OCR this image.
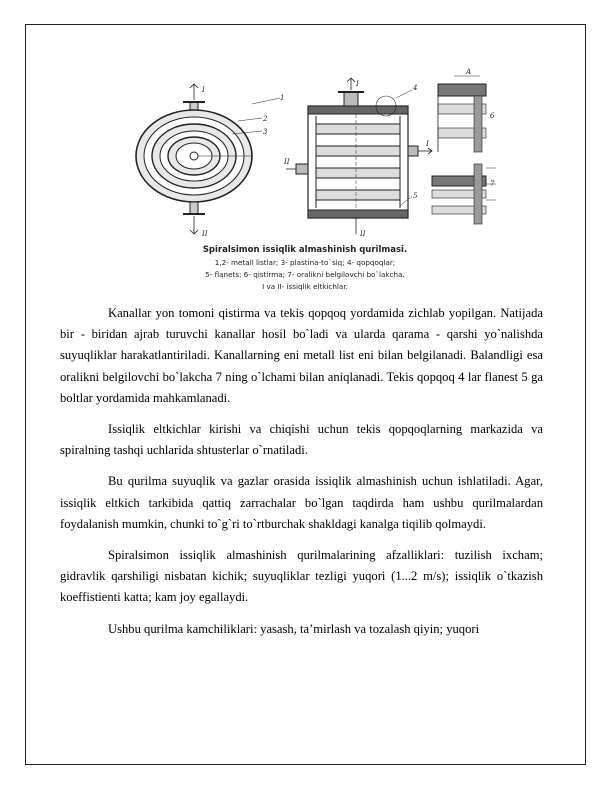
I
II
1
2
3
I
II
II
I
4
5
A
6
7
Spiralsimon issiqlik almashinish qurilmasi.
1,2- metall listlar; 3- plastina-to`siq; 4- qopqoqlar;
5- flanets; 6- qistirma; 7- oralikni belgilovchi bo`lakcha.
I va II- issiqlik eltkichlar.

Kanallar yon tomoni qistirma va tekis qopqoq yordamida zichlab yopilgan. Natijada bir - biridan ajrab turuvchi kanallar hosil bo`ladi va ularda qarama - qarshi yo`nalishda suyuqliklar harakatlantiriladi. Kanallarning eni metall list eni bilan belgilanadi. Balandligi esa oralikni belgilovchi bo`lakcha 7 ning o`lchami bilan aniqlanadi. Tekis qopqoq 4 lar flanest 5 ga boltlar yordamida mahkamlanadi.

Issiqlik eltkichlar kirishi va chiqishi uchun tekis qopqoqlarning markazida va spiralning tashqi uchlarida shtusterlar o`rnatiladi.

Bu qurilma suyuqlik va gazlar orasida issiqlik almashinish uchun ishlatiladi. Agar, issiqlik eltkich tarkibida qattiq zarrachalar bo`lgan taqdirda ham ushbu qurilmalardan foydalanish mumkin, chunki to`g`ri to`rtburchak shakldagi kanalga tiqilib qolmaydi.

Spiralsimon issiqlik almashinish qurilmalarining afzalliklari: tuzilish ixcham; gidravlik qarshiligi nisbatan kichik; suyuqliklar tezligi yuqori (1...2 m/s); issiqlik o`tkazish koeffistienti katta; kam joy egallaydi.

Ushbu qurilma kamchiliklari: yasash, ta’mirlash va tozalash qiyin; yuqori
